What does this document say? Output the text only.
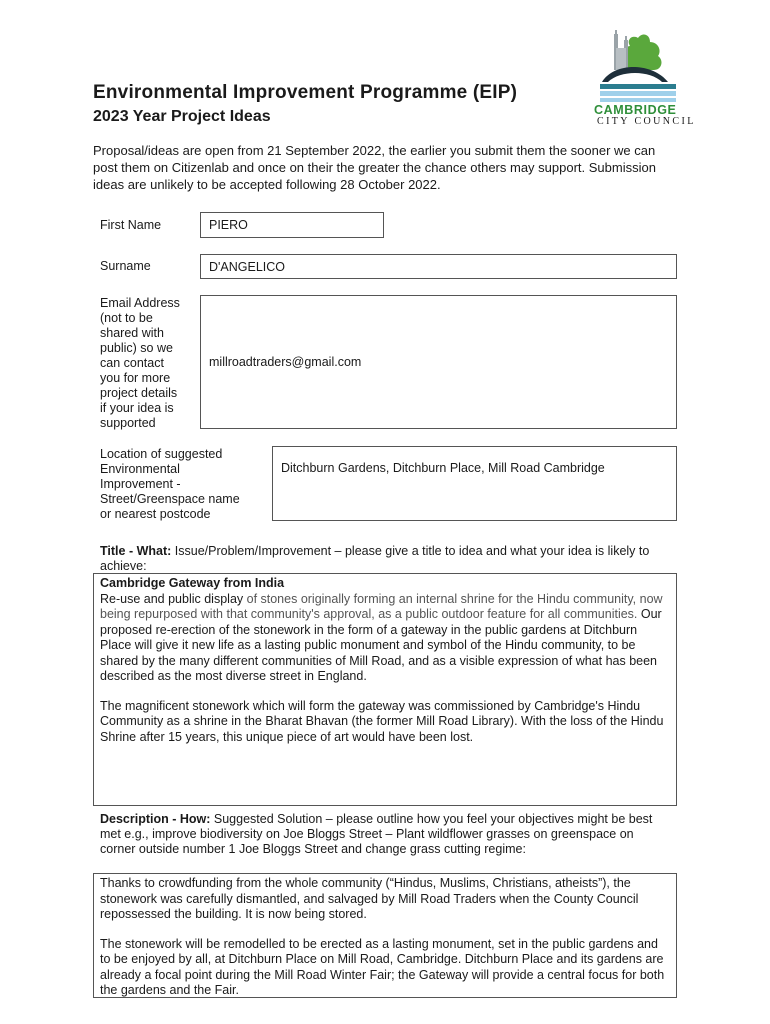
CAMBRIDGE
CITY COUNCIL
Environmental Improvement Programme (EIP)
2023 Year Project Ideas
Proposal/ideas are open from 21 September 2022, the earlier you submit them the sooner we can post them on Citizenlab and once on their the greater the chance others may support. Submission ideas are unlikely to be accepted following 28 October 2022.
First Name	PIERO
Surname	D'ANGELICO
Email Address
(not to be
shared with
public) so we
can contact
you for more
project details
if your idea is
supported
millroadtraders@gmail.com
Location of suggested
Environmental
Improvement -
Street/Greenspace name
or nearest postcode
Ditchburn Gardens, Ditchburn Place, Mill Road Cambridge
Title - What: Issue/Problem/Improvement – please give a title to idea and what your idea is likely to achieve:

Cambridge Gateway from India

Re-use and public display of stones originally forming an internal shrine for the Hindu community, now being repurposed with that community's approval, as a public outdoor feature for all communities. Our proposed re-erection of the stonework in the form of a gateway in the public gardens at Ditchburn Place will give it new life as a lasting public monument and symbol of the Hindu community, to be shared by the many different communities of Mill Road, and as a visible expression of what has been described as the most diverse street in England.

The magnificent stonework which will form the gateway was commissioned by Cambridge's Hindu Community as a shrine in the Bharat Bhavan (the former Mill Road Library). With the loss of the Hindu Shrine after 15 years, this unique piece of art would have been lost.

Description - How: Suggested Solution – please outline how you feel your objectives might be best met e.g., improve biodiversity on Joe Bloggs Street – Plant wildflower grasses on greenspace on corner outside number 1 Joe Bloggs Street and change grass cutting regime:

Thanks to crowdfunding from the whole community (“Hindus, Muslims, Christians, atheists”), the stonework was carefully dismantled, and salvaged by Mill Road Traders when the County Council repossessed the building. It is now being stored.

The stonework will be remodelled to be erected as a lasting monument, set in the public gardens and to be enjoyed by all, at Ditchburn Place on Mill Road, Cambridge. Ditchburn Place and its gardens are already a focal point during the Mill Road Winter Fair; the Gateway will provide a central focus for both the gardens and the Fair.
